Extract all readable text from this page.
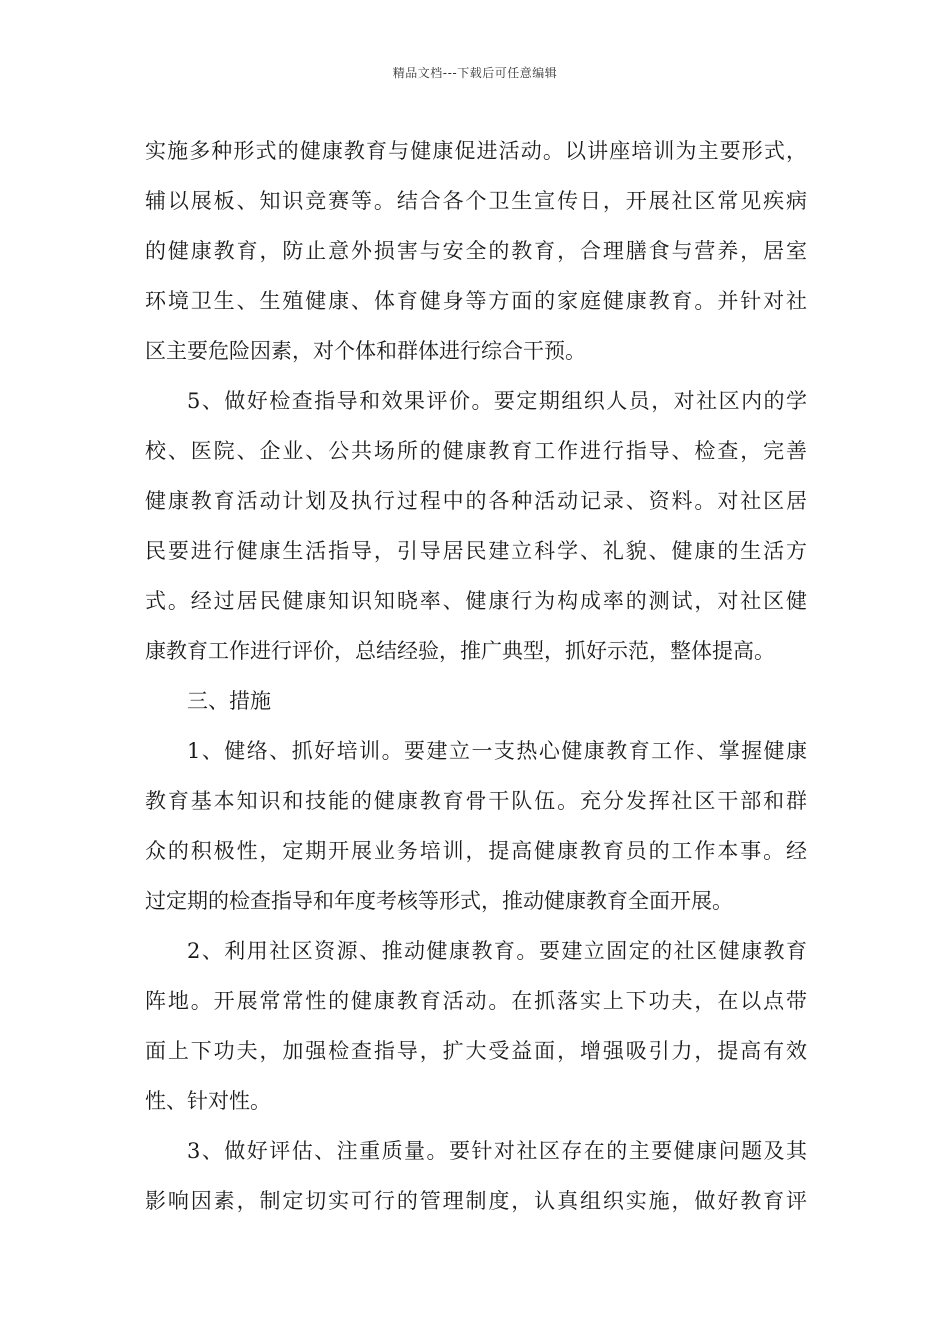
精品文档---下载后可任意编辑
实施多种形式的健康教育与健康促进活动。以讲座培训为主要形式，
辅以展板、知识竞赛等。结合各个卫生宣传日，开展社区常见疾病
的健康教育，防止意外损害与安全的教育，合理膳食与营养，居室
环境卫生、生殖健康、体育健身等方面的家庭健康教育。并针对社
区主要危险因素，对个体和群体进行综合干预。
5、做好检查指导和效果评价。要定期组织人员，对社区内的学
校、医院、企业、公共场所的健康教育工作进行指导、检查，完善
健康教育活动计划及执行过程中的各种活动记录、资料。对社区居
民要进行健康生活指导，引导居民建立科学、礼貌、健康的生活方
式。经过居民健康知识知晓率、健康行为构成率的测试，对社区健
康教育工作进行评价，总结经验，推广典型，抓好示范，整体提高。
三、措施
1、健络、抓好培训。要建立一支热心健康教育工作、掌握健康
教育基本知识和技能的健康教育骨干队伍。充分发挥社区干部和群
众的积极性，定期开展业务培训，提高健康教育员的工作本事。经
过定期的检查指导和年度考核等形式，推动健康教育全面开展。
2、利用社区资源、推动健康教育。要建立固定的社区健康教育
阵地。开展常常性的健康教育活动。在抓落实上下功夫，在以点带
面上下功夫，加强检查指导，扩大受益面，增强吸引力，提高有效
性、针对性。
3、做好评估、注重质量。要针对社区存在的主要健康问题及其
影响因素，制定切实可行的管理制度，认真组织实施，做好教育评
